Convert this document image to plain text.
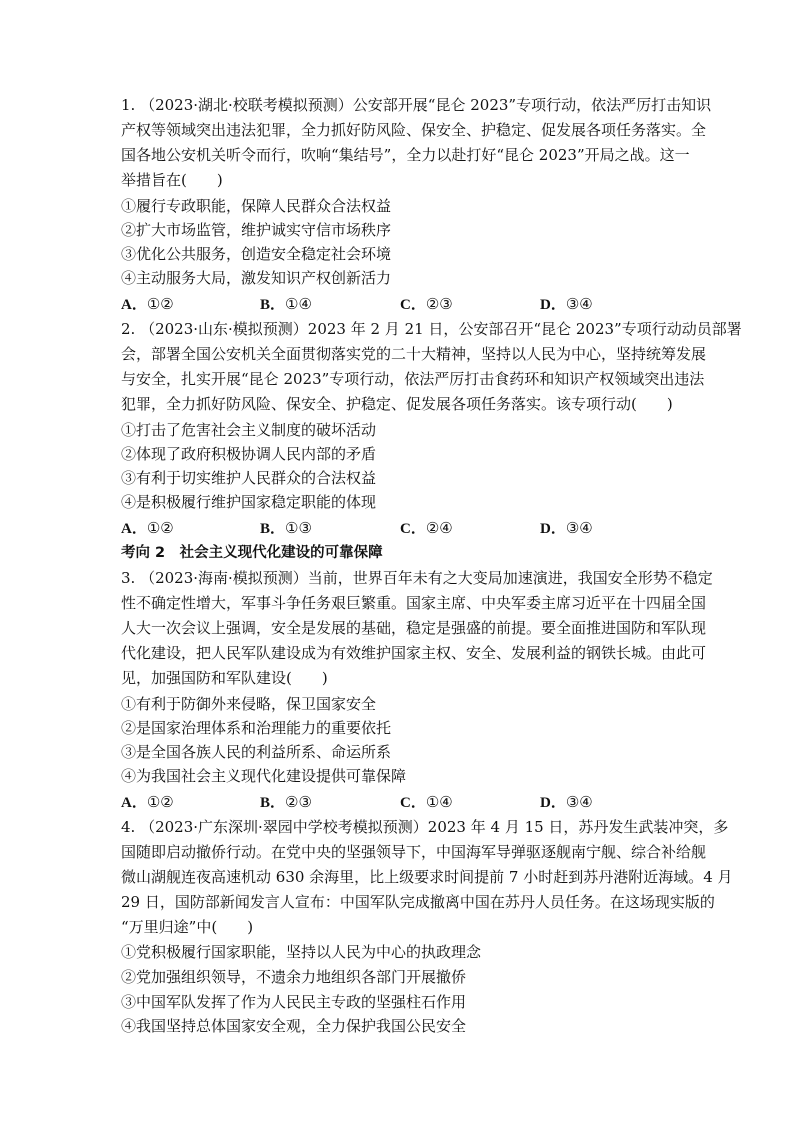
1. （2023·湖北·校联考模拟预测）公安部开展“昆仑 2023”专项行动，依法严厉打击知识
产权等领域突出违法犯罪，全力抓好防风险、保安全、护稳定、促发展各项任务落实。全
国各地公安机关听令而行，吹响“集结号”，全力以赴打好“昆仑 2023”开局之战。这一
举措旨在(　　)
①履行专政职能，保障人民群众合法权益
②扩大市场监管，维护诚实守信市场秩序
③优化公共服务，创造安全稳定社会环境
④主动服务大局，激发知识产权创新活力
A．①②	B．①④	C．②③	D．③④
2. （2023·山东·模拟预测）2023 年 2 月 21 日，公安部召开“昆仑 2023”专项行动动员部署
会，部署全国公安机关全面贯彻落实党的二十大精神，坚持以人民为中心，坚持统筹发展
与安全，扎实开展“昆仑 2023”专项行动，依法严厉打击食药环和知识产权领域突出违法
犯罪，全力抓好防风险、保安全、护稳定、促发展各项任务落实。该专项行动(　　)
①打击了危害社会主义制度的破坏活动
②体现了政府积极协调人民内部的矛盾
③有利于切实维护人民群众的合法权益
④是积极履行维护国家稳定职能的体现
A．①②	B．①③	C．②④	D．③④
考向 2　社会主义现代化建设的可靠保障
3. （2023·海南·模拟预测）当前，世界百年未有之大变局加速演进，我国安全形势不稳定
性不确定性增大，军事斗争任务艰巨繁重。国家主席、中央军委主席习近平在十四届全国
人大一次会议上强调，安全是发展的基础，稳定是强盛的前提。要全面推进国防和军队现
代化建设，把人民军队建设成为有效维护国家主权、安全、发展利益的钢铁长城。由此可
见，加强国防和军队建设(　　)
①有利于防御外来侵略，保卫国家安全
②是国家治理体系和治理能力的重要依托
③是全国各族人民的利益所系、命运所系
④为我国社会主义现代化建设提供可靠保障
A．①②	B．②③	C．①④	D．③④
4. （2023·广东深圳·翠园中学校考模拟预测）2023 年 4 月 15 日，苏丹发生武装冲突，多
国随即启动撤侨行动。在党中央的坚强领导下，中国海军导弹驱逐舰南宁舰、综合补给舰
微山湖舰连夜高速机动 630 余海里，比上级要求时间提前 7 小时赶到苏丹港附近海域。4 月
29 日，国防部新闻发言人宣布：中国军队完成撤离中国在苏丹人员任务。在这场现实版的
“万里归途”中(　　)
①党积极履行国家职能，坚持以人民为中心的执政理念
②党加强组织领导，不遗余力地组织各部门开展撤侨
③中国军队发挥了作为人民民主专政的坚强柱石作用
④我国坚持总体国家安全观，全力保护我国公民安全
